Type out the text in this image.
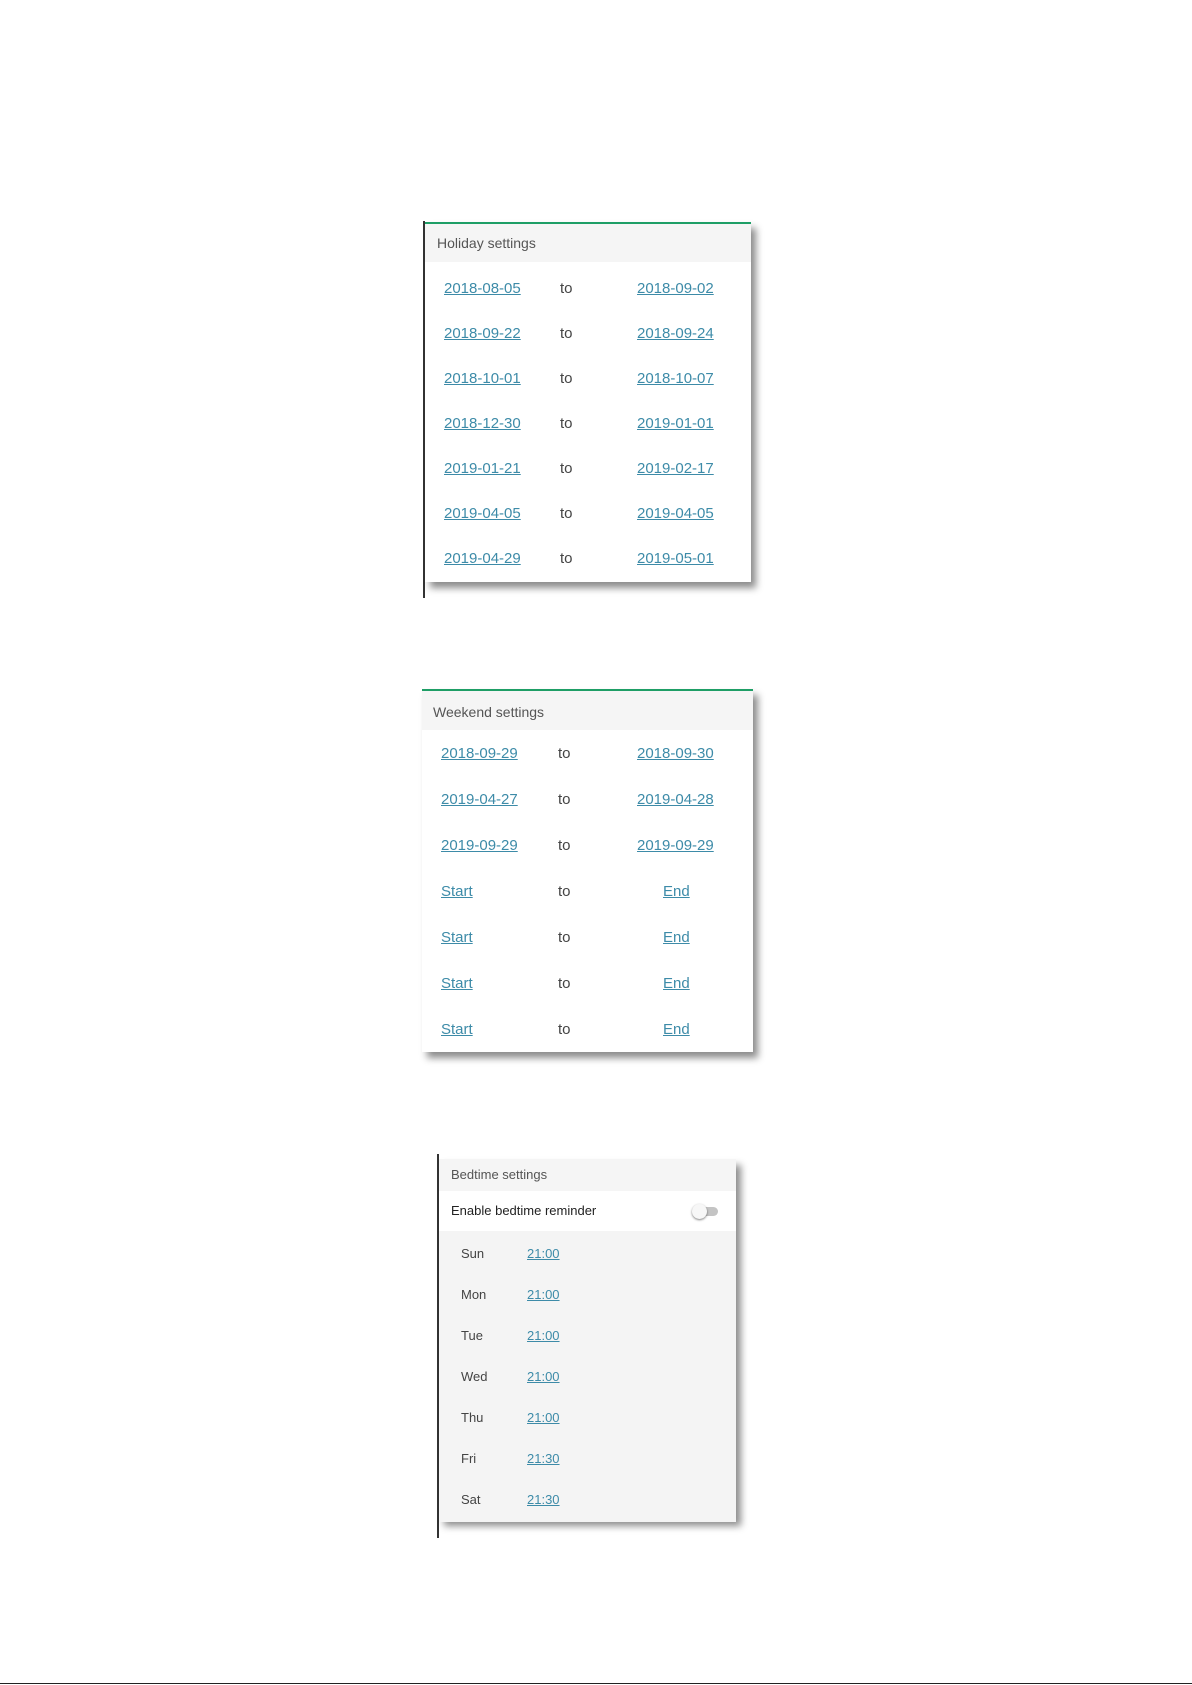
Holiday settings
2018-08-05	to	2018-09-02
2018-09-22	to	2018-09-24
2018-10-01	to	2018-10-07
2018-12-30	to	2019-01-01
2019-01-21	to	2019-02-17
2019-04-05	to	2019-04-05
2019-04-29	to	2019-05-01
Weekend settings
2018-09-29	to	2018-09-30
2019-04-27	to	2019-04-28
2019-09-29	to	2019-09-29
Start	to	End
Start	to	End
Start	to	End
Start	to	End
Bedtime settings
Enable bedtime reminder
Sun	21:00
Mon	21:00
Tue	21:00
Wed	21:00
Thu	21:00
Fri	21:30
Sat	21:30
